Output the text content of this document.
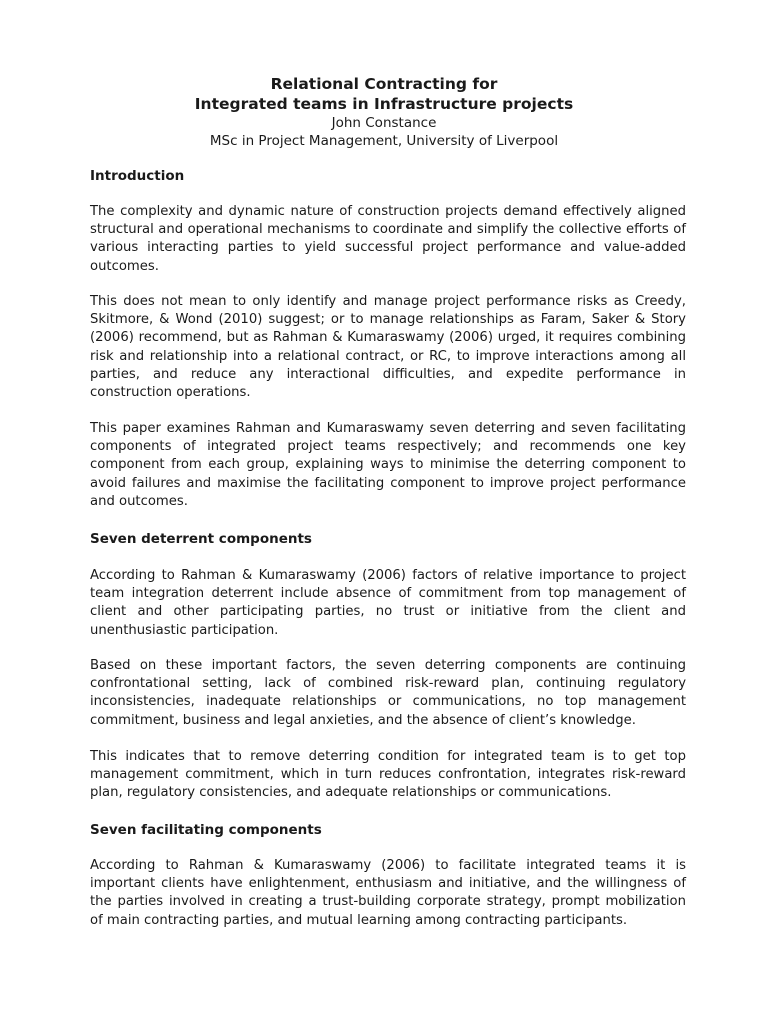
Relational Contracting for

Integrated teams in Infrastructure projects

John Constance

MSc in Project Management, University of Liverpool

Introduction

The complexity and dynamic nature of construction projects demand effectively aligned structural and operational mechanisms to coordinate and simplify the collective efforts of various interacting parties to yield successful project performance and value-added outcomes.

This does not mean to only identify and manage project performance risks as Creedy, Skitmore, & Wond (2010) suggest; or to manage relationships as Faram, Saker & Story (2006) recommend, but as Rahman & Kumaraswamy (2006) urged, it requires combining risk and relationship into a relational contract, or RC, to improve interactions among all parties, and reduce any interactional difficulties, and expedite performance in construction operations.

This paper examines Rahman and Kumaraswamy seven deterring and seven facilitating components of integrated project teams respectively; and recommends one key component from each group, explaining ways to minimise the deterring component to avoid failures and maximise the facilitating component to improve project performance and outcomes.

Seven deterrent components

According to Rahman & Kumaraswamy (2006) factors of relative importance to project team integration deterrent include absence of commitment from top management of client and other participating parties, no trust or initiative from the client and unenthusiastic participation.

Based on these important factors, the seven deterring components are continuing confrontational setting, lack of combined risk-reward plan, continuing regulatory inconsistencies, inadequate relationships or communications, no top management commitment, business and legal anxieties, and the absence of client’s knowledge.

This indicates that to remove deterring condition for integrated team is to get top management commitment, which in turn reduces confrontation, integrates risk-reward plan, regulatory consistencies, and adequate relationships or communications.

Seven facilitating components

According to Rahman & Kumaraswamy (2006) to facilitate integrated teams it is important clients have enlightenment, enthusiasm and initiative, and the willingness of the parties involved in creating a trust-building corporate strategy, prompt mobilization of main contracting parties, and mutual learning among contracting participants.
